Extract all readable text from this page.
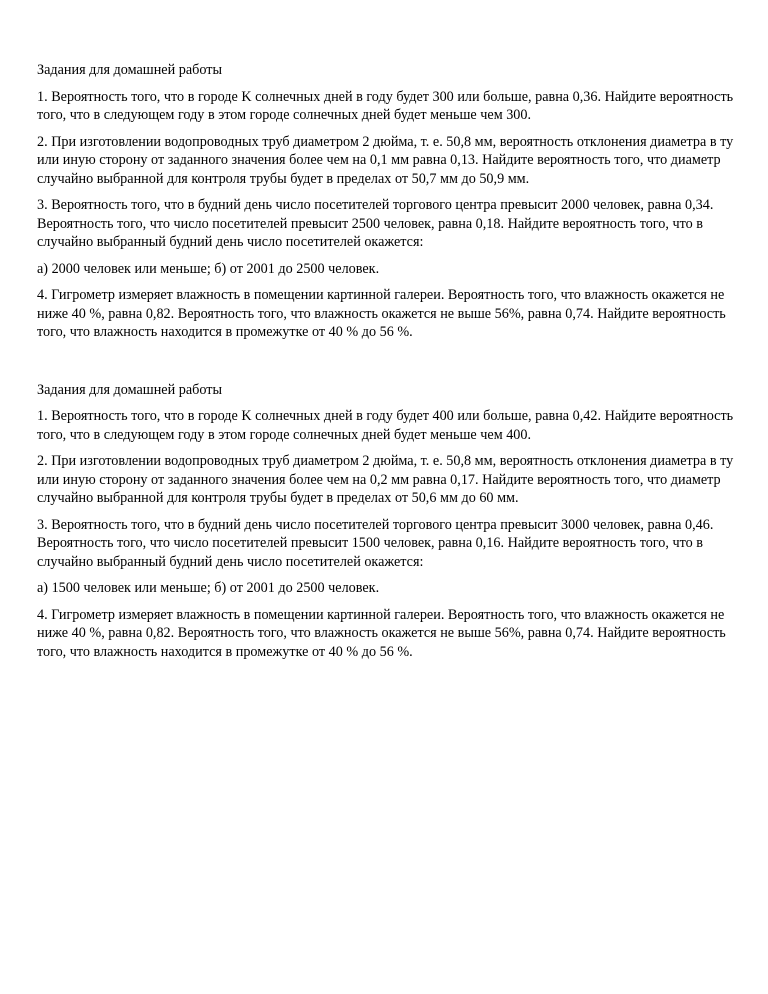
Задания для домашней работы

1. Вероятность того, что в городе K солнечных дней в году будет 300 или больше, равна 0,36. Найдите вероятность того, что в следующем году в этом городе солнечных дней будет меньше чем 300.

2. При изготовлении водопроводных труб диаметром 2 дюйма, т. е. 50,8 мм, вероятность отклонения диаметра в ту или иную сторону от заданного значения более чем на 0,1 мм равна 0,13. Найдите вероятность того, что диаметр случайно выбранной для контроля трубы будет в пределах от 50,7 мм до 50,9 мм.

3. Вероятность того, что в будний день число посетителей торгового центра превысит 2000 человек, равна 0,34. Вероятность того, что число посетителей превысит 2500 человек, равна 0,18. Найдите вероятность того, что в случайно выбранный будний день число посетителей окажется:

а) 2000 человек или меньше; б) от 2001 до 2500 человек.

4. Гигрометр измеряет влажность в помещении картинной галереи. Вероятность того, что влажность окажется не ниже 40 %, равна 0,82. Вероятность того, что влажность окажется не выше 56%, равна 0,74. Найдите вероятность того, что влажность находится в промежутке от 40 % до 56 %.

Задания для домашней работы

1. Вероятность того, что в городе K солнечных дней в году будет 400 или больше, равна 0,42. Найдите вероятность того, что в следующем году в этом городе солнечных дней будет меньше чем 400.

2. При изготовлении водопроводных труб диаметром 2 дюйма, т. е. 50,8 мм, вероятность отклонения диаметра в ту или иную сторону от заданного значения более чем на 0,2 мм равна 0,17. Найдите вероятность того, что диаметр случайно выбранной для контроля трубы будет в пределах от 50,6 мм до 60 мм.

3. Вероятность того, что в будний день число посетителей торгового центра превысит 3000 человек, равна 0,46. Вероятность того, что число посетителей превысит 1500 человек, равна 0,16. Найдите вероятность того, что в случайно выбранный будний день число посетителей окажется:

а) 1500 человек или меньше; б) от 2001 до 2500 человек.

4. Гигрометр измеряет влажность в помещении картинной галереи. Вероятность того, что влажность окажется не ниже 40 %, равна 0,82. Вероятность того, что влажность окажется не выше 56%, равна 0,74. Найдите вероятность того, что влажность находится в промежутке от 40 % до 56 %.
